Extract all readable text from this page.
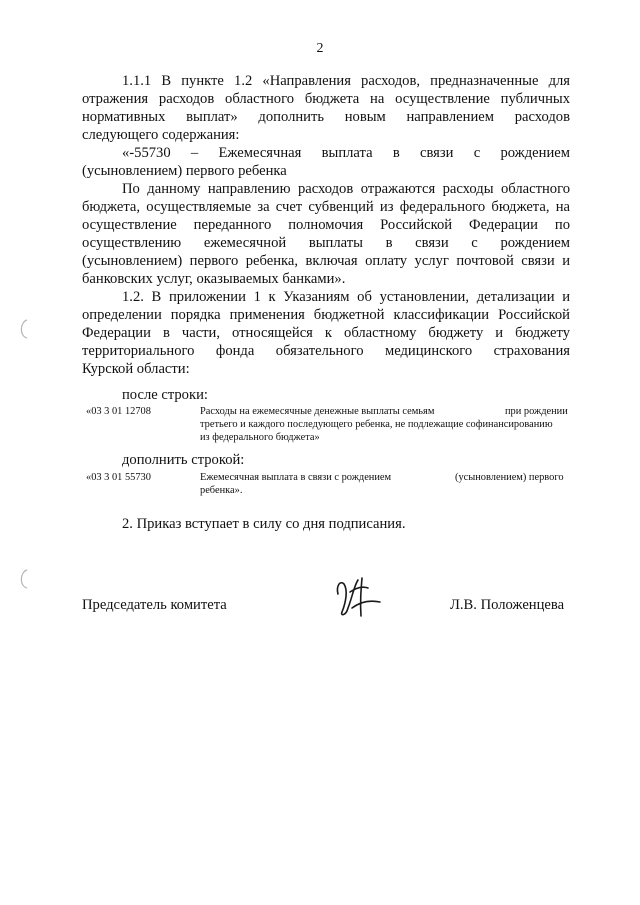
2
1.1.1 В пункте 1.2 «Направления расходов, предназначенные для
отражения расходов областного бюджета на осуществление публичных
нормативных выплат» дополнить новым направлением расходов
следующего содержания:
«-55730 – Ежемесячная выплата в связи с рождением
(усыновлением) первого ребенка
По данному направлению расходов отражаются расходы областного
бюджета, осуществляемые за счет субвенций из федерального бюджета, на
осуществление переданного полномочия Российской Федерации по
осуществлению ежемесячной выплаты в связи с рождением
(усыновлением) первого ребенка, включая оплату услуг почтовой связи и
банковских услуг, оказываемых банками».
1.2. В приложении 1 к Указаниям об установлении, детализации и
определении порядка применения бюджетной классификации Российской
Федерации в части, относящейся к областному бюджету и бюджету
территориального фонда обязательного медицинского страхования
Курской области:
после строки:
«03 3 01 12708	Расходы на ежемесячные денежные выплаты семьям	при рождении
третьего и каждого последующего ребенка, не подлежащие софинансированию
из федерального бюджета»
дополнить строкой:
«03 3 01 55730	Ежемесячная выплата в связи с рождением	(усыновлением) первого
ребенка».
2. Приказ вступает в силу со дня подписания.
Председатель комитета	Л.В. Положенцева
